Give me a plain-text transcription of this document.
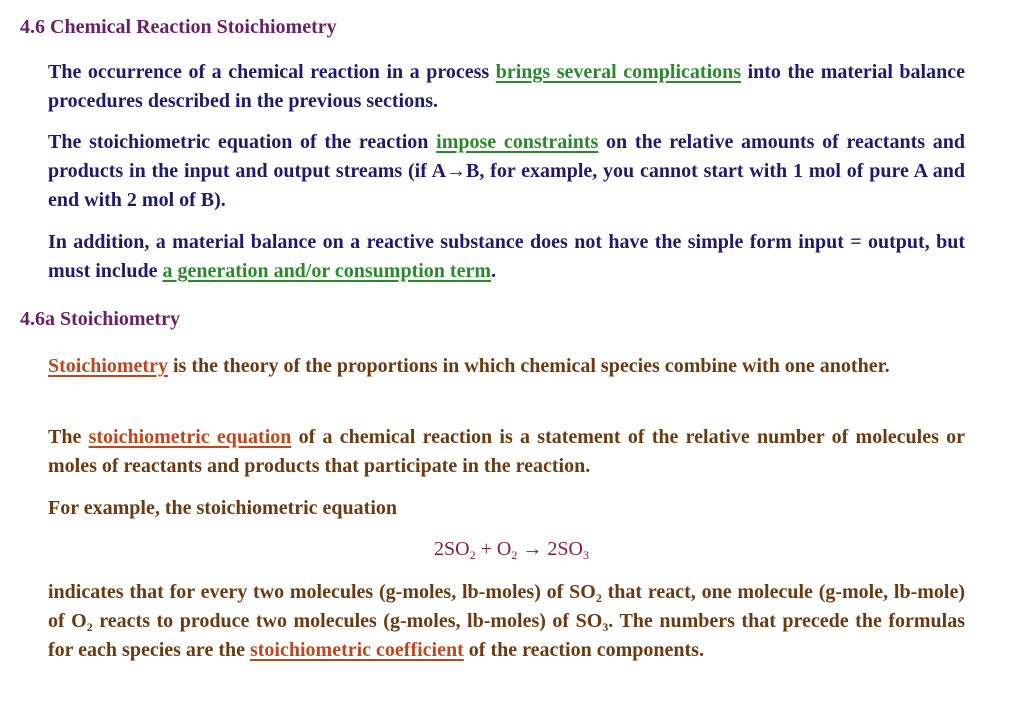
4.6 Chemical Reaction Stoichiometry
The occurrence of a chemical reaction in a process brings several complications into the material balance procedures described in the previous sections.
The stoichiometric equation of the reaction impose constraints on the relative amounts of reactants and products in the input and output streams (if A→B, for example, you cannot start with 1 mol of pure A and end with 2 mol of B).
In addition, a material balance on a reactive substance does not have the simple form input = output, but must include a generation and/or consumption term.
4.6a Stoichiometry
Stoichiometry is the theory of the proportions in which chemical species combine with one another.
The stoichiometric equation of a chemical reaction is a statement of the relative number of molecules or moles of reactants and products that participate in the reaction.
For example, the stoichiometric equation
$2SO_2 + O_2 \to 2SO_3$
indicates that for every two molecules (g-moles, lb-moles) of $SO_2$ that react, one molecule (g-mole, lb-mole) of $O_2$ reacts to produce two molecules (g-moles, lb-moles) of $SO_3$. The numbers that precede the formulas for each species are the stoichiometric coefficient of the reaction components.
